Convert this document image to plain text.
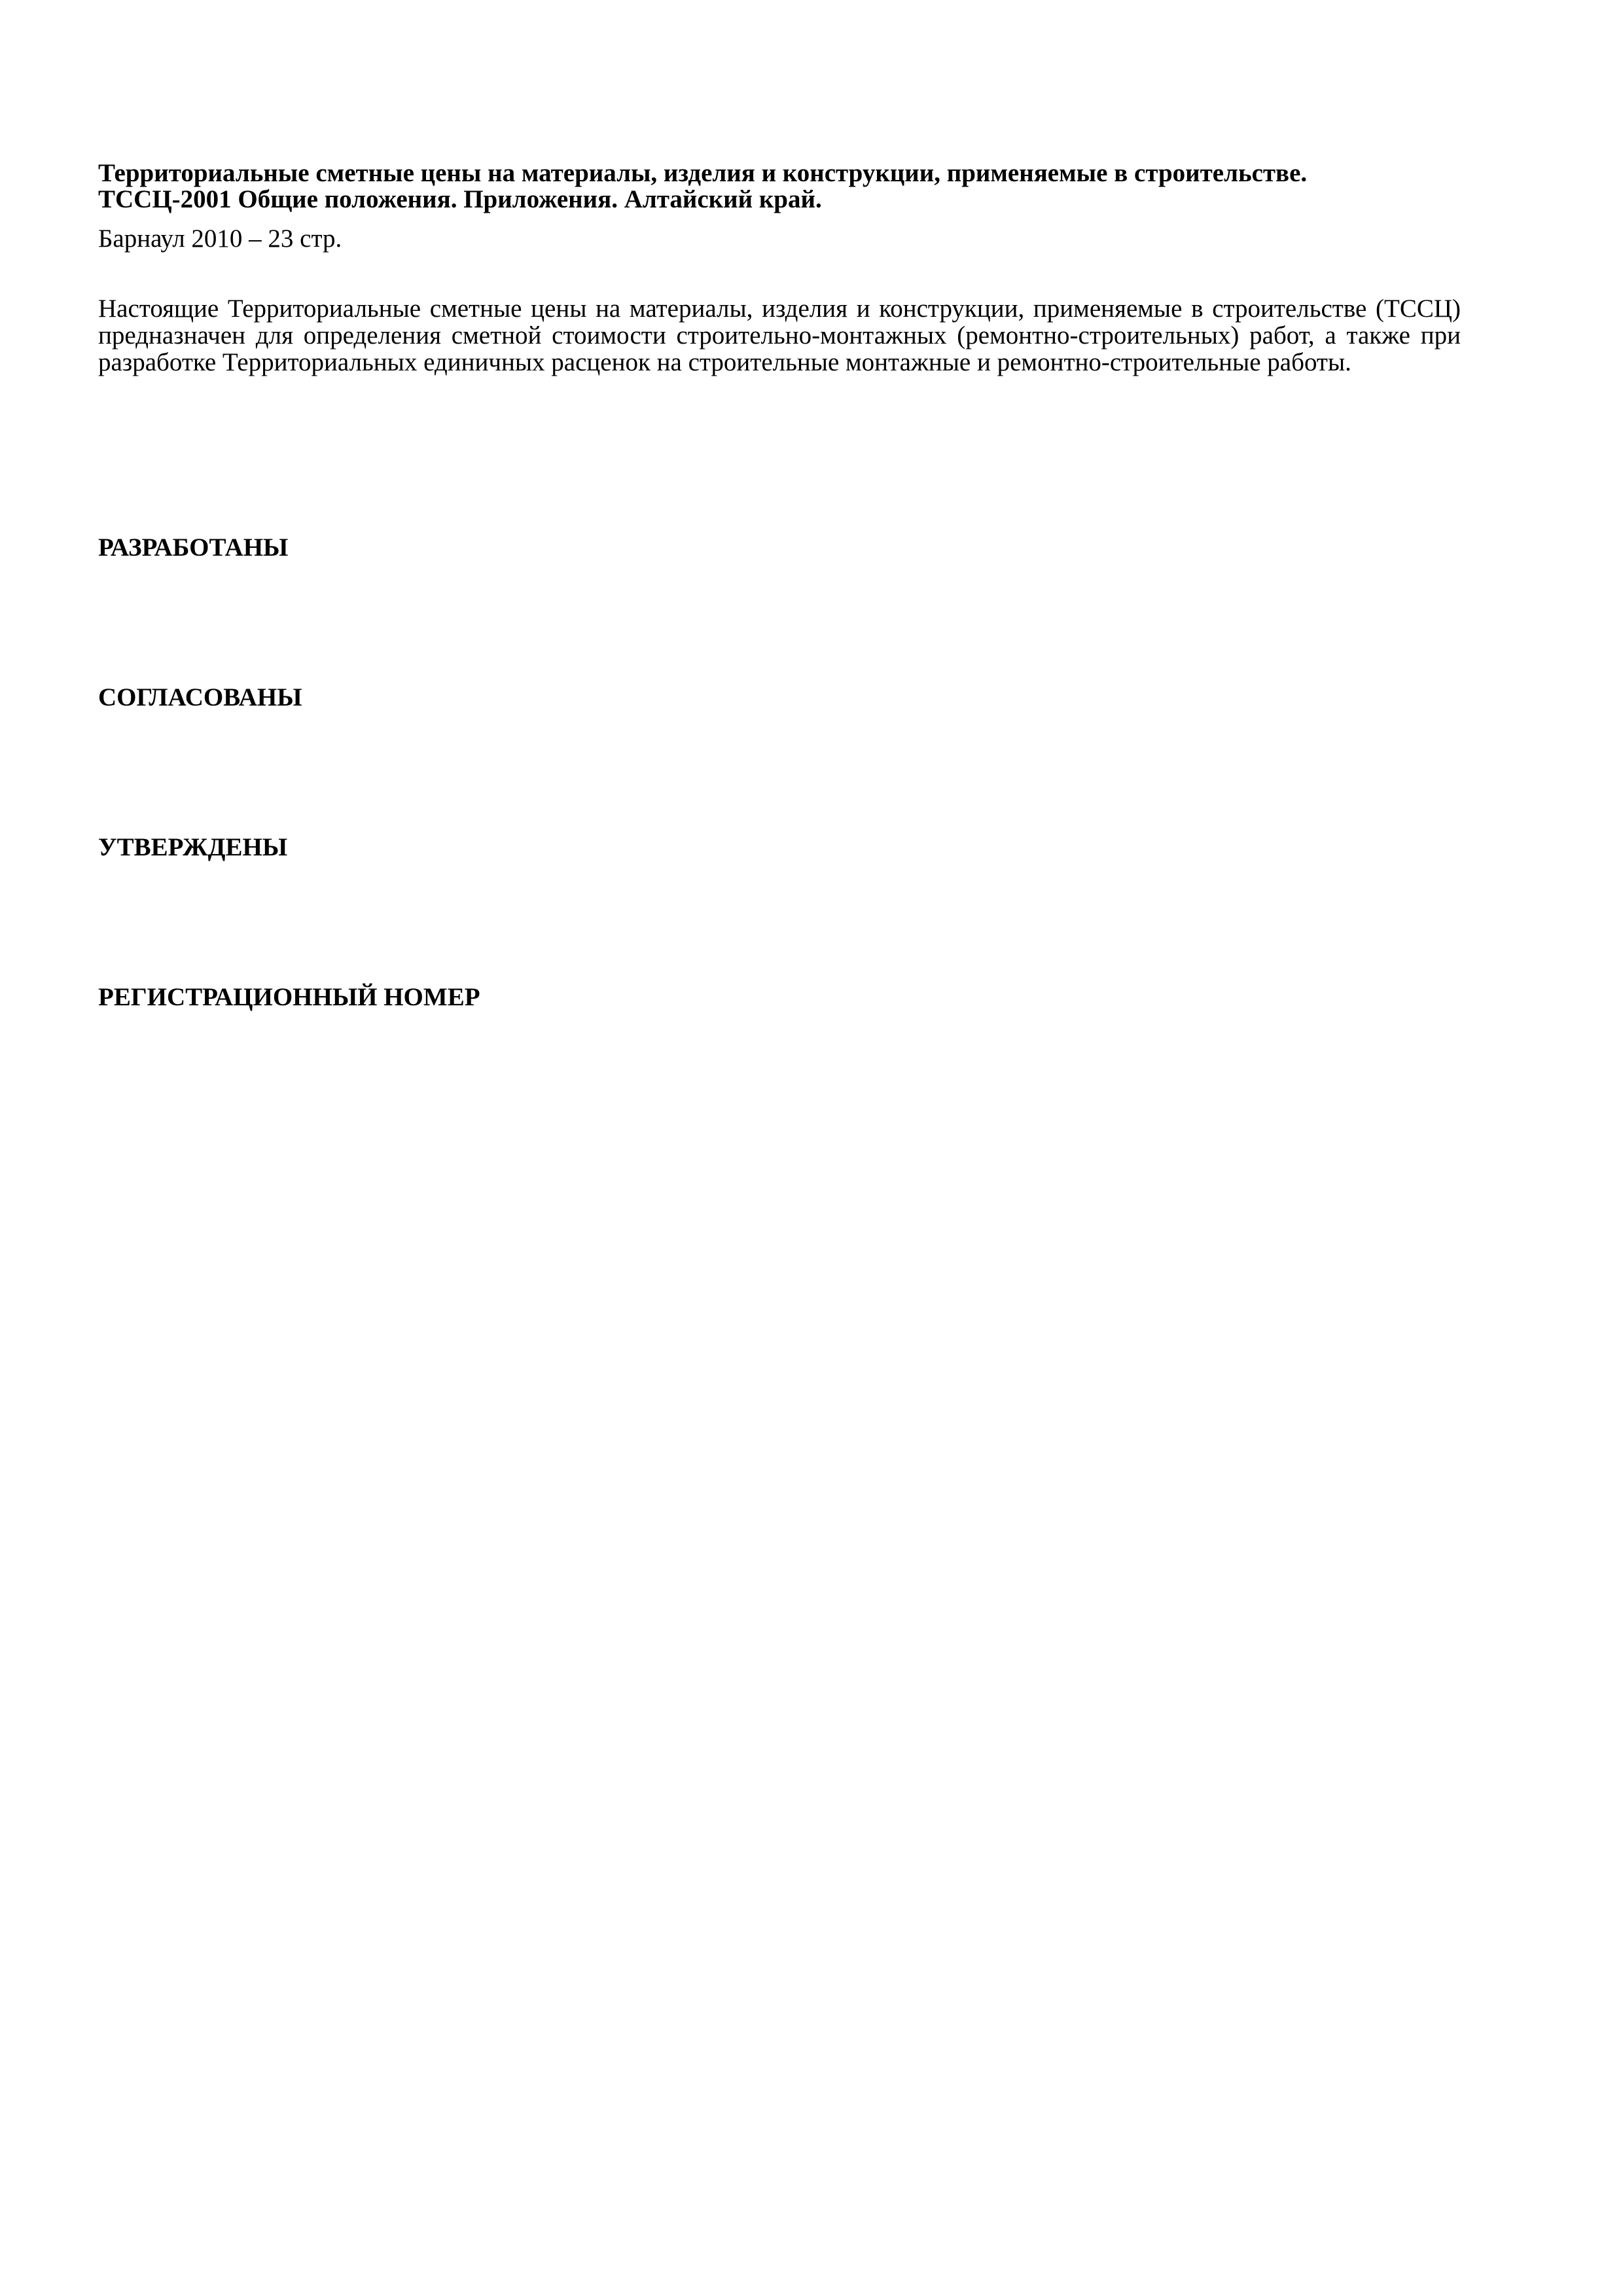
Территориальные сметные цены на материалы, изделия и конструкции, применяемые в строительстве.
ТССЦ-2001 Общие положения. Приложения. Алтайский край.

Барнаул 2010 – 23 стр.

Настоящие Территориальные сметные цены на материалы, изделия и конструкции, применяемые в строительстве (ТССЦ) предназначен для определения сметной стоимости строительно-монтажных (ремонтно-строительных) работ, а также при разработке Территориальных единичных расценок на строительные монтажные и ремонтно-строительные работы.

РАЗРАБОТАНЫ

СОГЛАСОВАНЫ

УТВЕРЖДЕНЫ

РЕГИСТРАЦИОННЫЙ НОМЕР
